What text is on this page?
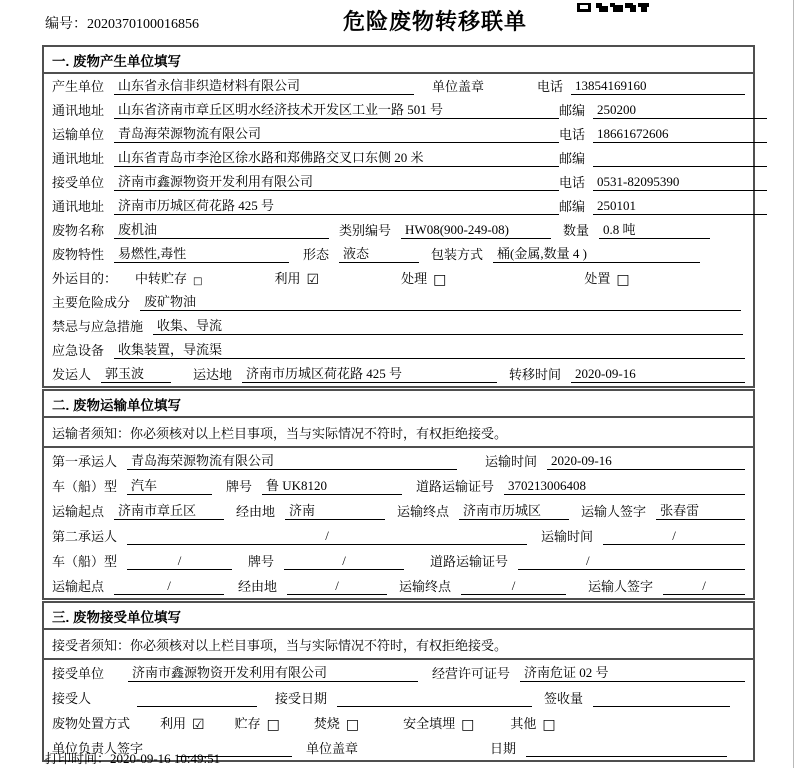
编号：2020370100016856	危险废物转移联单
一. 废物产生单位填写
产生单位	山东省永信非织造材料有限公司	单位盖章	电话 13854169160
通讯地址	山东省济南市章丘区明水经济技术开发区工业一路 501 号	邮编 250200
运输单位	青岛海荣源物流有限公司	电话 18661672606
通讯地址	山东省青岛市李沧区徐水路和郑佛路交叉口东侧 20 米	邮编
接受单位	济南市鑫源物资开发利用有限公司	电话 0531-82095390
通讯地址	济南市历城区荷花路 425 号	邮编 250101
废物名称	废机油	类别编号	HW08(900-249-08)	数量	0.8 吨
废物特性	易燃性,毒性	形态	液态	包装方式	桶(金属,数量 4 )
外运目的： 中转贮存 □	利用 ☑	处理 □	处置 □
主要危险成分	废矿物油
禁忌与应急措施	收集、导流
应急设备	收集装置，导流渠
发运人	郭玉波	运达地	济南市历城区荷花路 425 号	转移时间	2020-09-16
二. 废物运输单位填写
运输者须知：你必须核对以上栏目事项，当与实际情况不符时，有权拒绝接受。
第一承运人	青岛海荣源物流有限公司	运输时间	2020-09-16
车（船）型	汽车	牌号	鲁 UK8120	道路运输证号	370213006408
运输起点	济南市章丘区	经由地	济南	运输终点	济南市历城区	运输人签字	张春雷
第二承运人	/	运输时间	/
车（船）型	/	牌号	/	道路运输证号	/
运输起点	/	经由地	/	运输终点	/	运输人签字	/
三. 废物接受单位填写
接受者须知：你必须核对以上栏目事项，当与实际情况不符时，有权拒绝接受。
接受单位	济南市鑫源物资开发利用有限公司	经营许可证号	济南危证 02 号
接受人	接受日期	签收量
废物处置方式 利用 ☑ 贮存 □	焚烧 □	安全填埋 □	其他 □
单位负责人签字	单位盖章	日期
打印时间：2020-09-16 10:49:51
